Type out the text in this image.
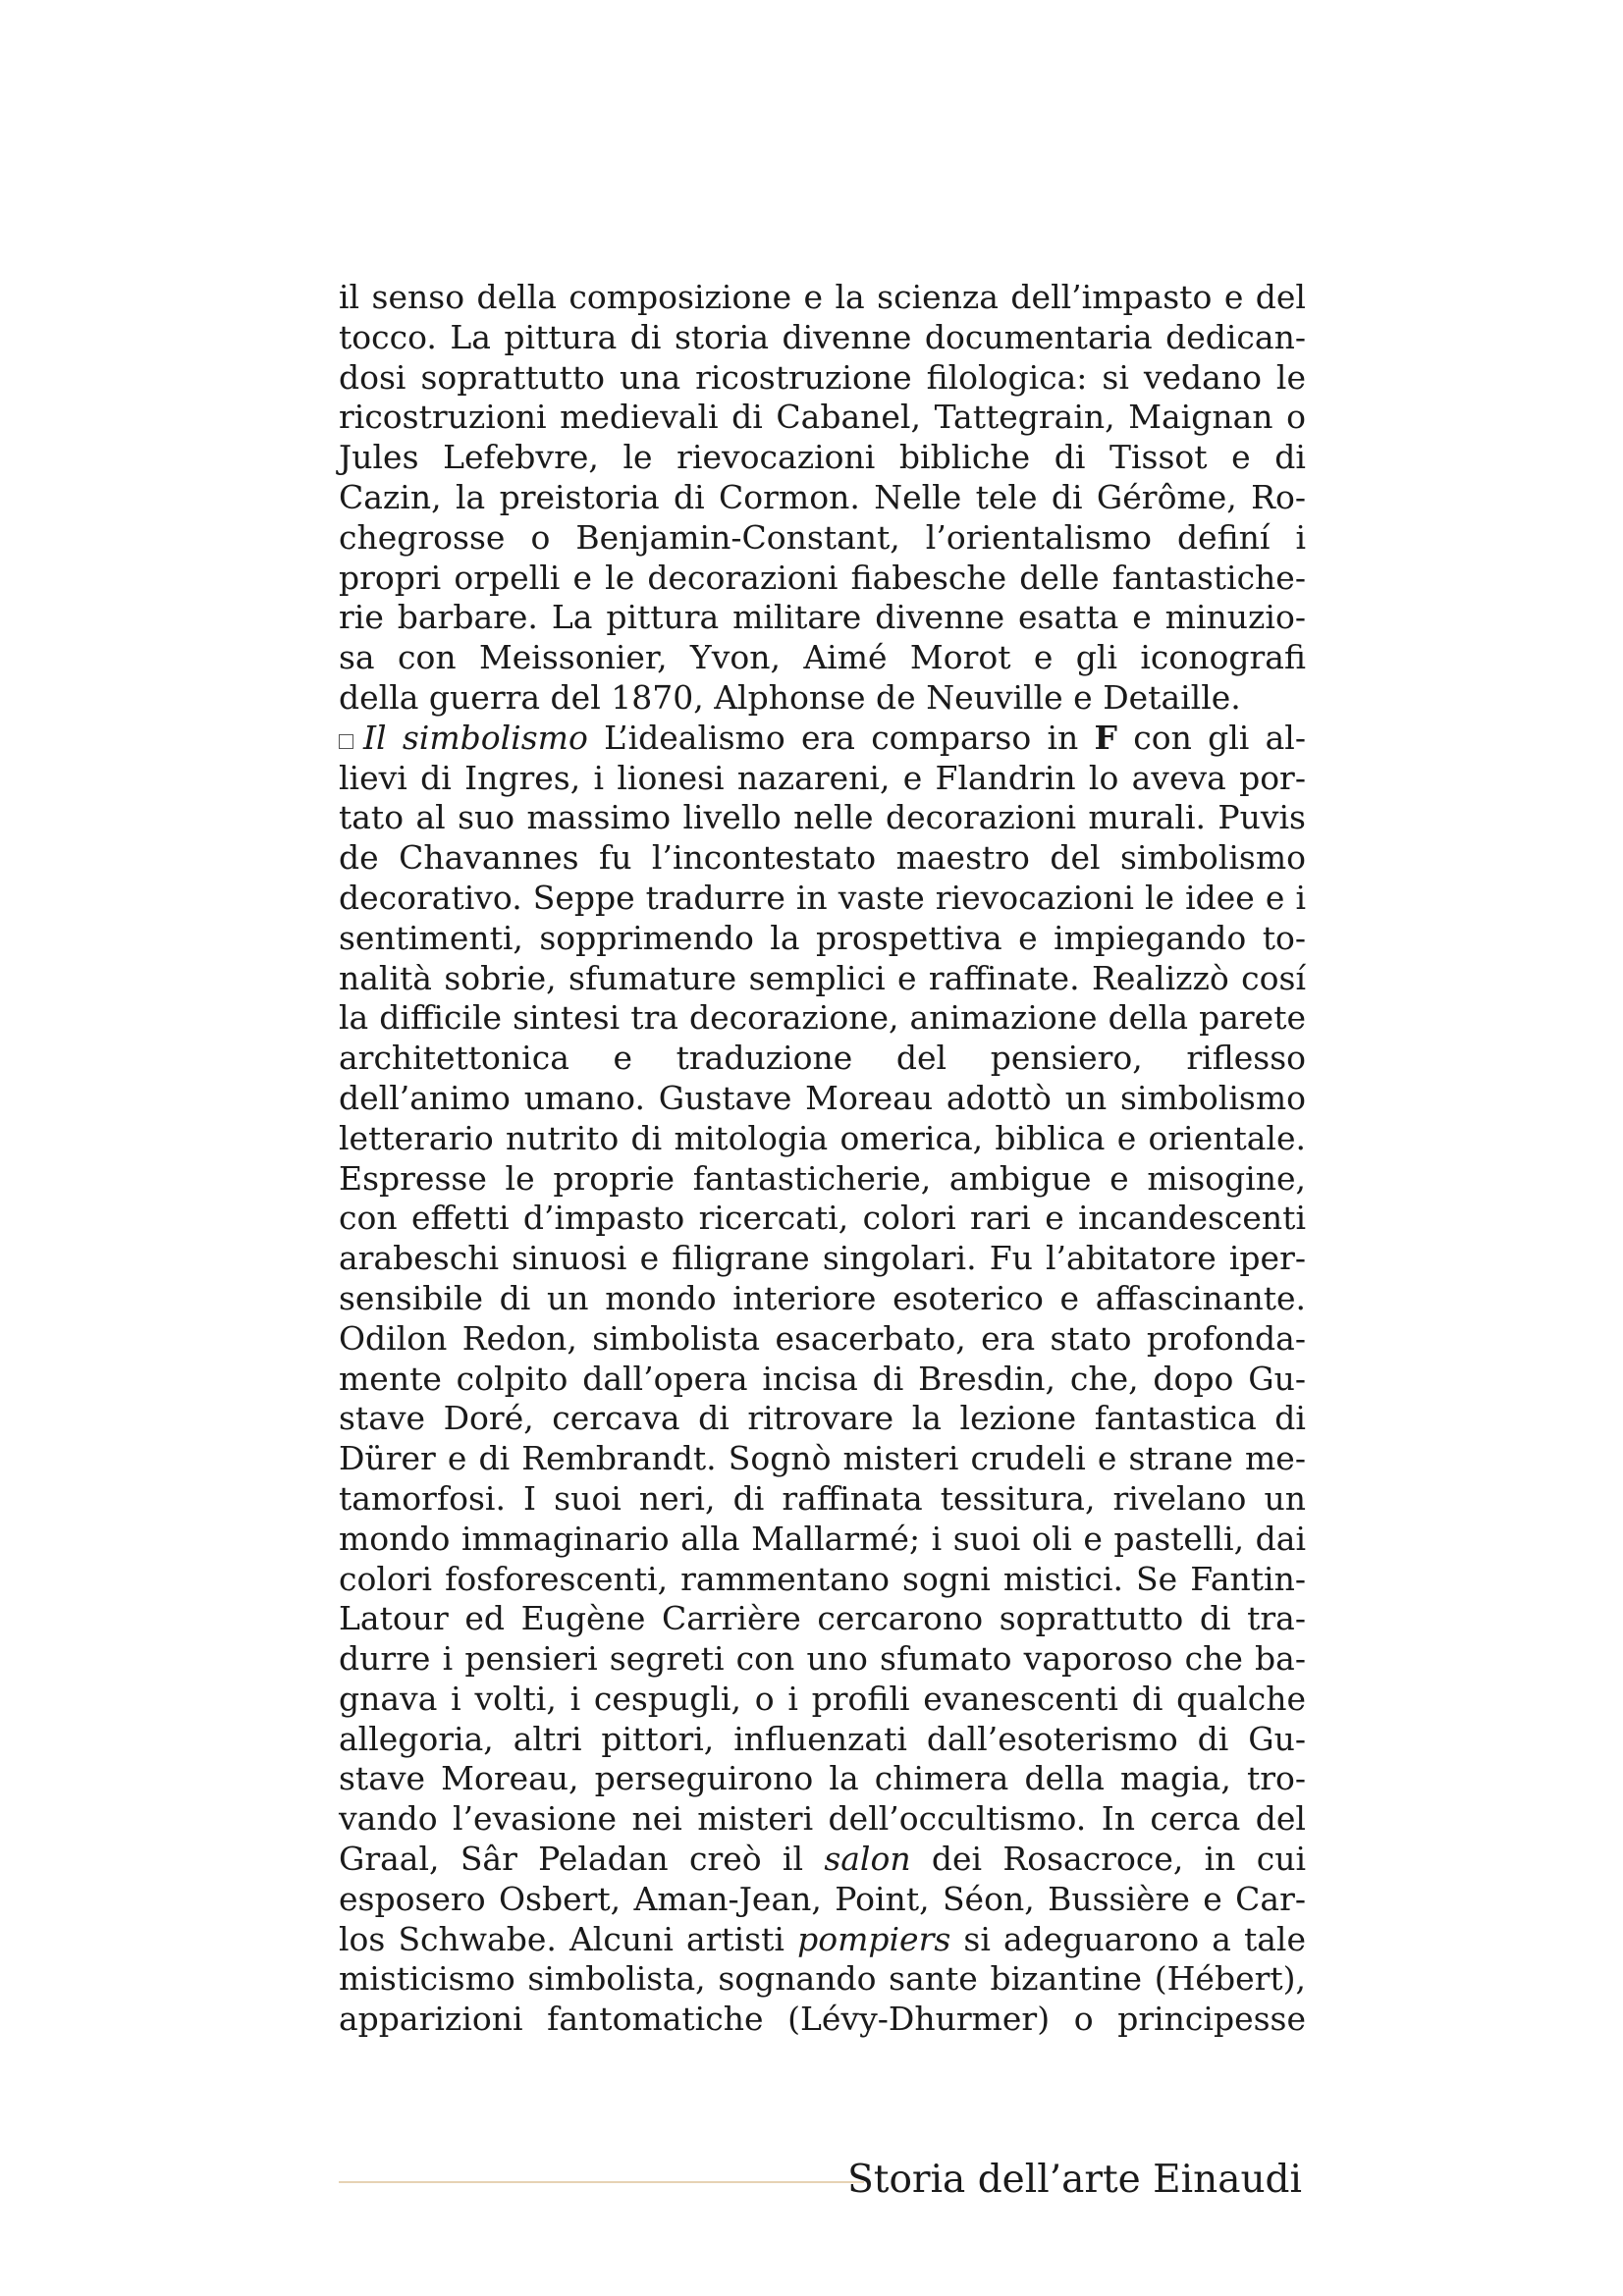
il senso della composizione e la scienza dell’impasto e del
tocco. La pittura di storia divenne documentaria dedican-
dosi soprattutto una ricostruzione filologica: si vedano le
ricostruzioni medievali di Cabanel, Tattegrain, Maignan o
Jules Lefebvre, le rievocazioni bibliche di Tissot e di
Cazin, la preistoria di Cormon. Nelle tele di Gérôme, Ro-
chegrosse o Benjamin-Constant, l’orientalismo definí i
propri orpelli e le decorazioni fiabesche delle fantastiche-
rie barbare. La pittura militare divenne esatta e minuzio-
sa con Meissonier, Yvon, Aimé Morot e gli iconografi
della guerra del 1870, Alphonse de Neuville e Detaille.
Il simbolismo L’idealismo era comparso in F con gli al-
lievi di Ingres, i lionesi nazareni, e Flandrin lo aveva por-
tato al suo massimo livello nelle decorazioni murali. Puvis
de Chavannes fu l’incontestato maestro del simbolismo
decorativo. Seppe tradurre in vaste rievocazioni le idee e i
sentimenti, sopprimendo la prospettiva e impiegando to-
nalità sobrie, sfumature semplici e raffinate. Realizzò cosí
la difficile sintesi tra decorazione, animazione della parete
architettonica e traduzione del pensiero, riflesso
dell’animo umano. Gustave Moreau adottò un simbolismo
letterario nutrito di mitologia omerica, biblica e orientale.
Espresse le proprie fantasticherie, ambigue e misogine,
con effetti d’impasto ricercati, colori rari e incandescenti
arabeschi sinuosi e filigrane singolari. Fu l’abitatore iper-
sensibile di un mondo interiore esoterico e affascinante.
Odilon Redon, simbolista esacerbato, era stato profonda-
mente colpito dall’opera incisa di Bresdin, che, dopo Gu-
stave Doré, cercava di ritrovare la lezione fantastica di
Dürer e di Rembrandt. Sognò misteri crudeli e strane me-
tamorfosi. I suoi neri, di raffinata tessitura, rivelano un
mondo immaginario alla Mallarmé; i suoi oli e pastelli, dai
colori fosforescenti, rammentano sogni mistici. Se Fantin-
Latour ed Eugène Carrière cercarono soprattutto di tra-
durre i pensieri segreti con uno sfumato vaporoso che ba-
gnava i volti, i cespugli, o i profili evanescenti di qualche
allegoria, altri pittori, influenzati dall’esoterismo di Gu-
stave Moreau, perseguirono la chimera della magia, tro-
vando l’evasione nei misteri dell’occultismo. In cerca del
Graal, Sâr Peladan creò il salon dei Rosacroce, in cui
esposero Osbert, Aman-Jean, Point, Séon, Bussière e Car-
los Schwabe. Alcuni artisti pompiers si adeguarono a tale
misticismo simbolista, sognando sante bizantine (Hébert),
apparizioni fantomatiche (Lévy-Dhurmer) o principesse
Storia dell’arte Einaudi
